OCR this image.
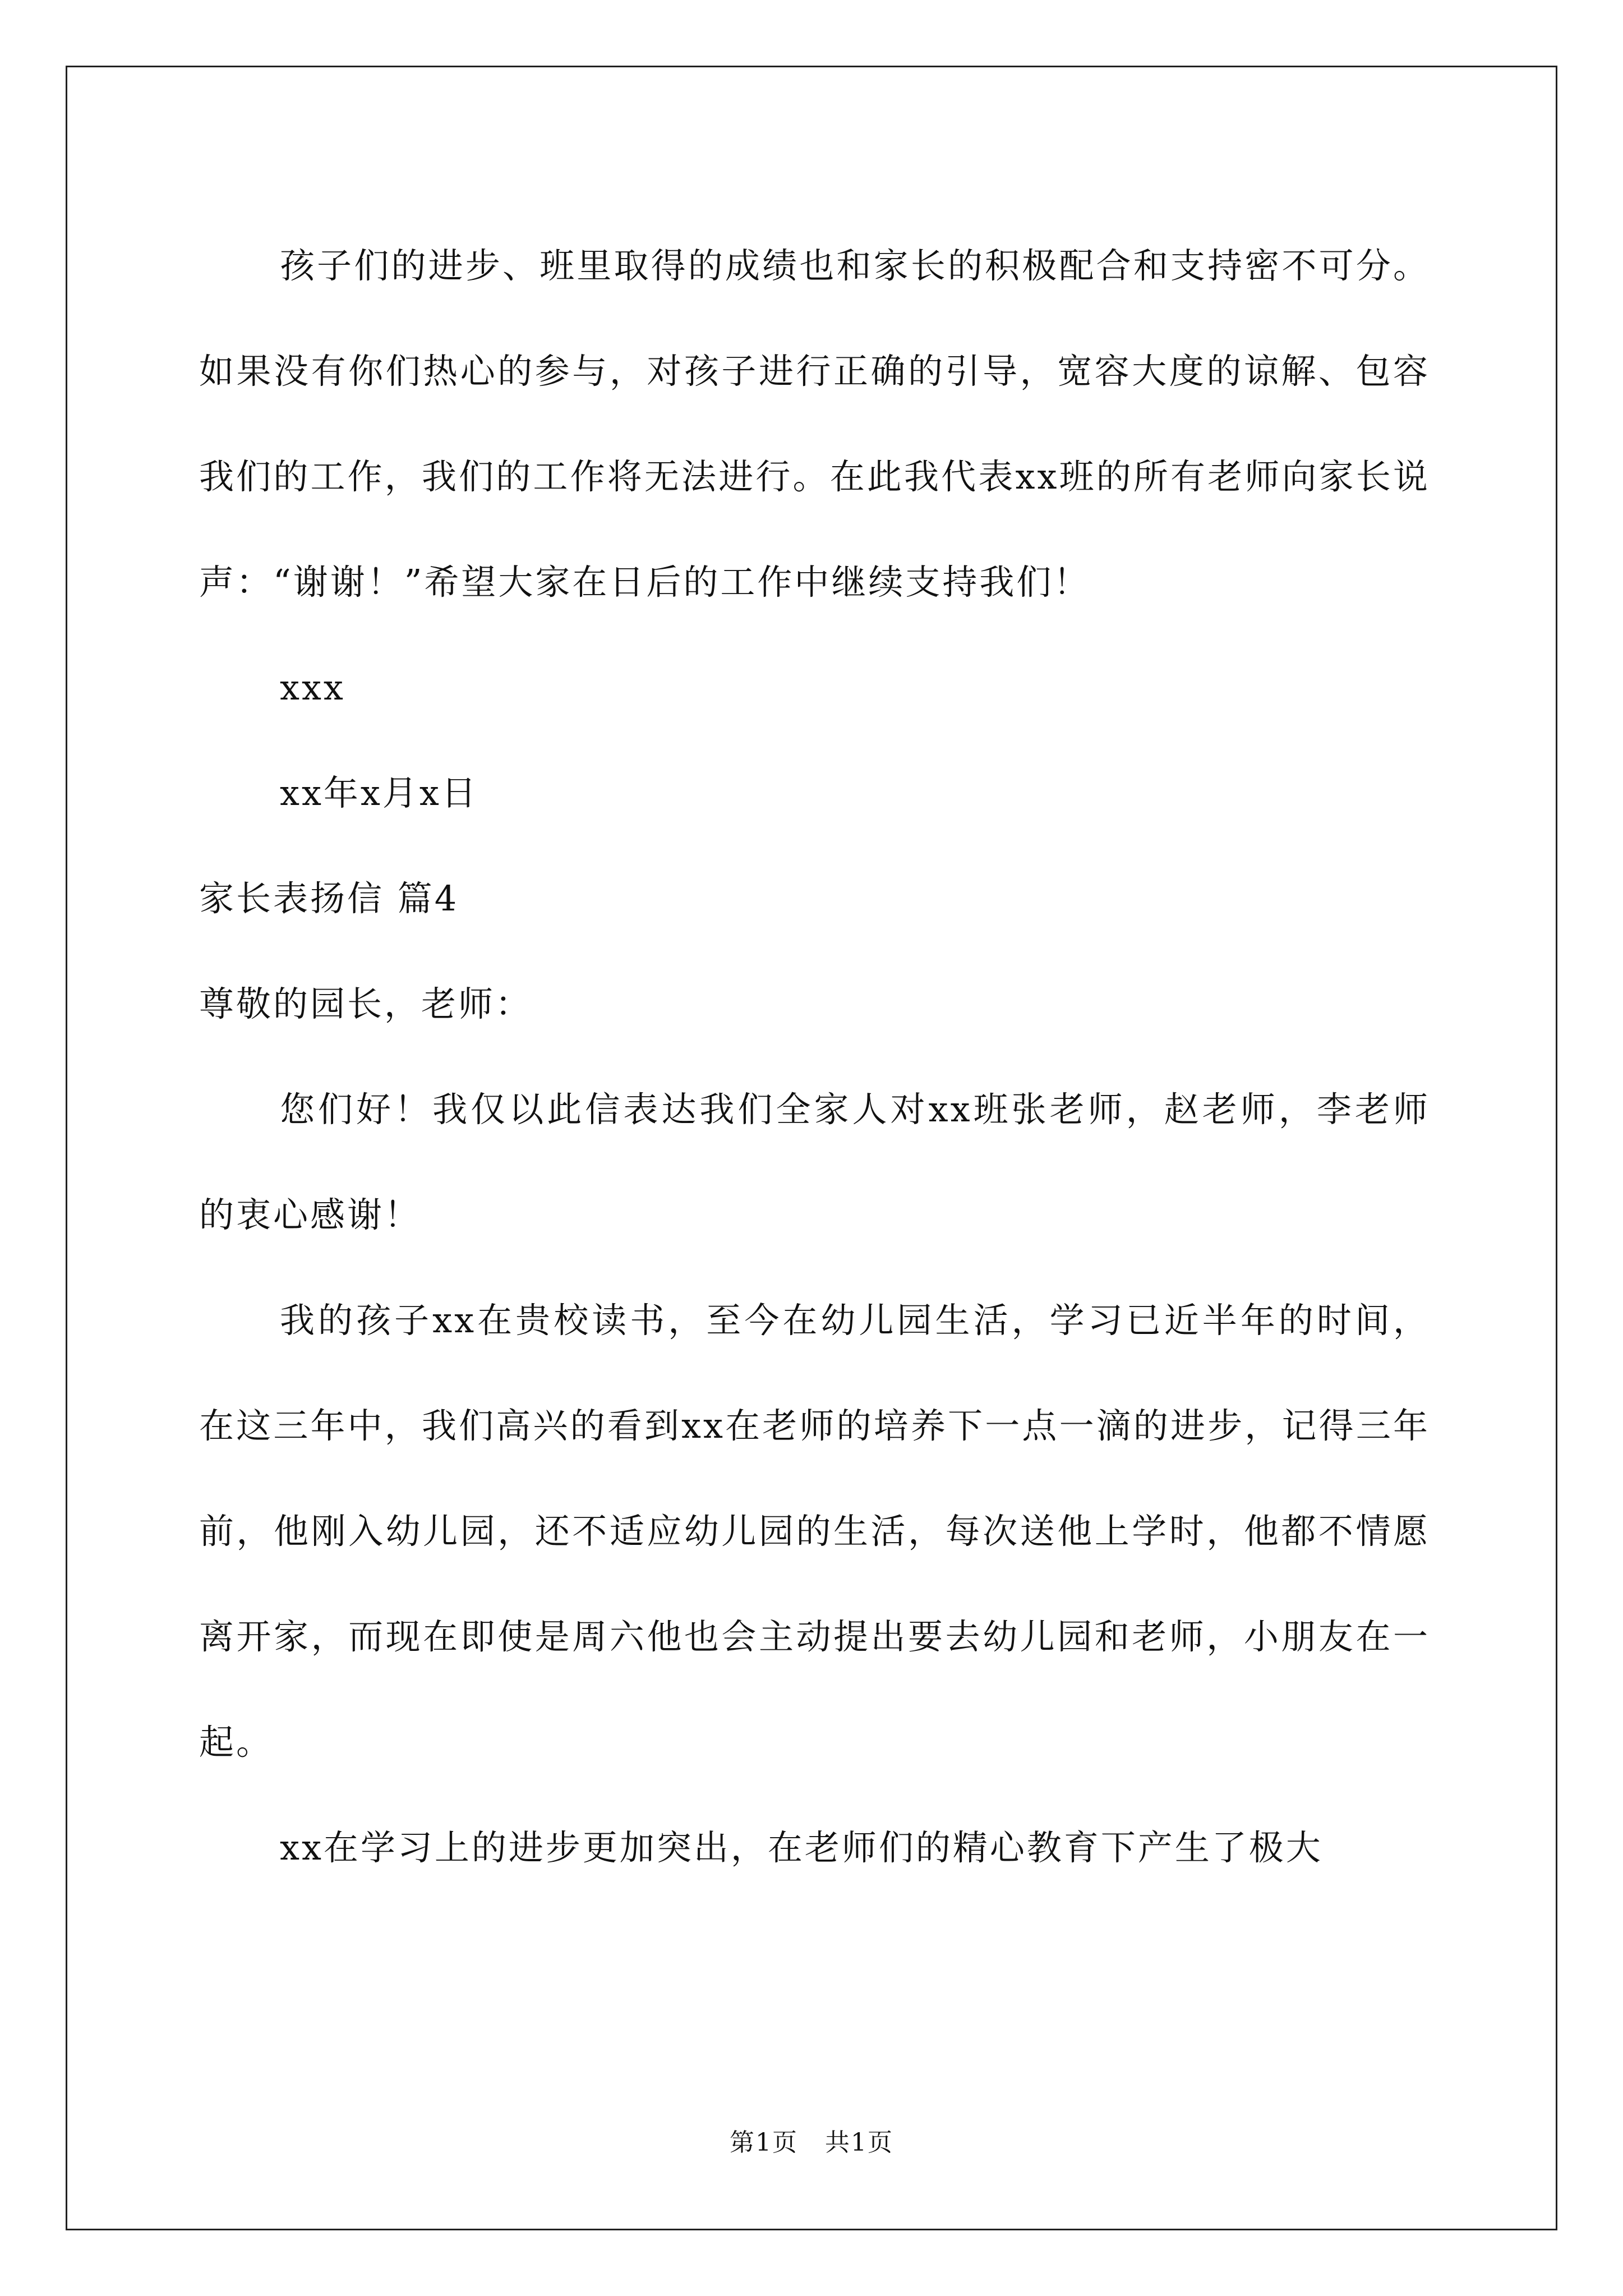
孩子们的进步、班里取得的成绩也和家长的积极配合和支持密不可分。如果没有你们热心的参与，对孩子进行正确的引导，宽容大度的谅解、包容我们的工作，我们的工作将无法进行。在此我代表xx班的所有老师向家长说声：“谢谢！”希望大家在日后的工作中继续支持我们！

xxx

xx年x月x日

家长表扬信 篇4

尊敬的园长，老师：

您们好！我仅以此信表达我们全家人对xx班张老师，赵老师，李老师的衷心感谢！

我的孩子xx在贵校读书，至今在幼儿园生活，学习已近半年的时间，在这三年中，我们高兴的看到xx在老师的培养下一点一滴的进步，记得三年前，他刚入幼儿园，还不适应幼儿园的生活，每次送他上学时，他都不情愿离开家，而现在即使是周六他也会主动提出要去幼儿园和老师，小朋友在一起。

xx在学习上的进步更加突出，在老师们的精心教育下产生了极大

第1页 共1页
